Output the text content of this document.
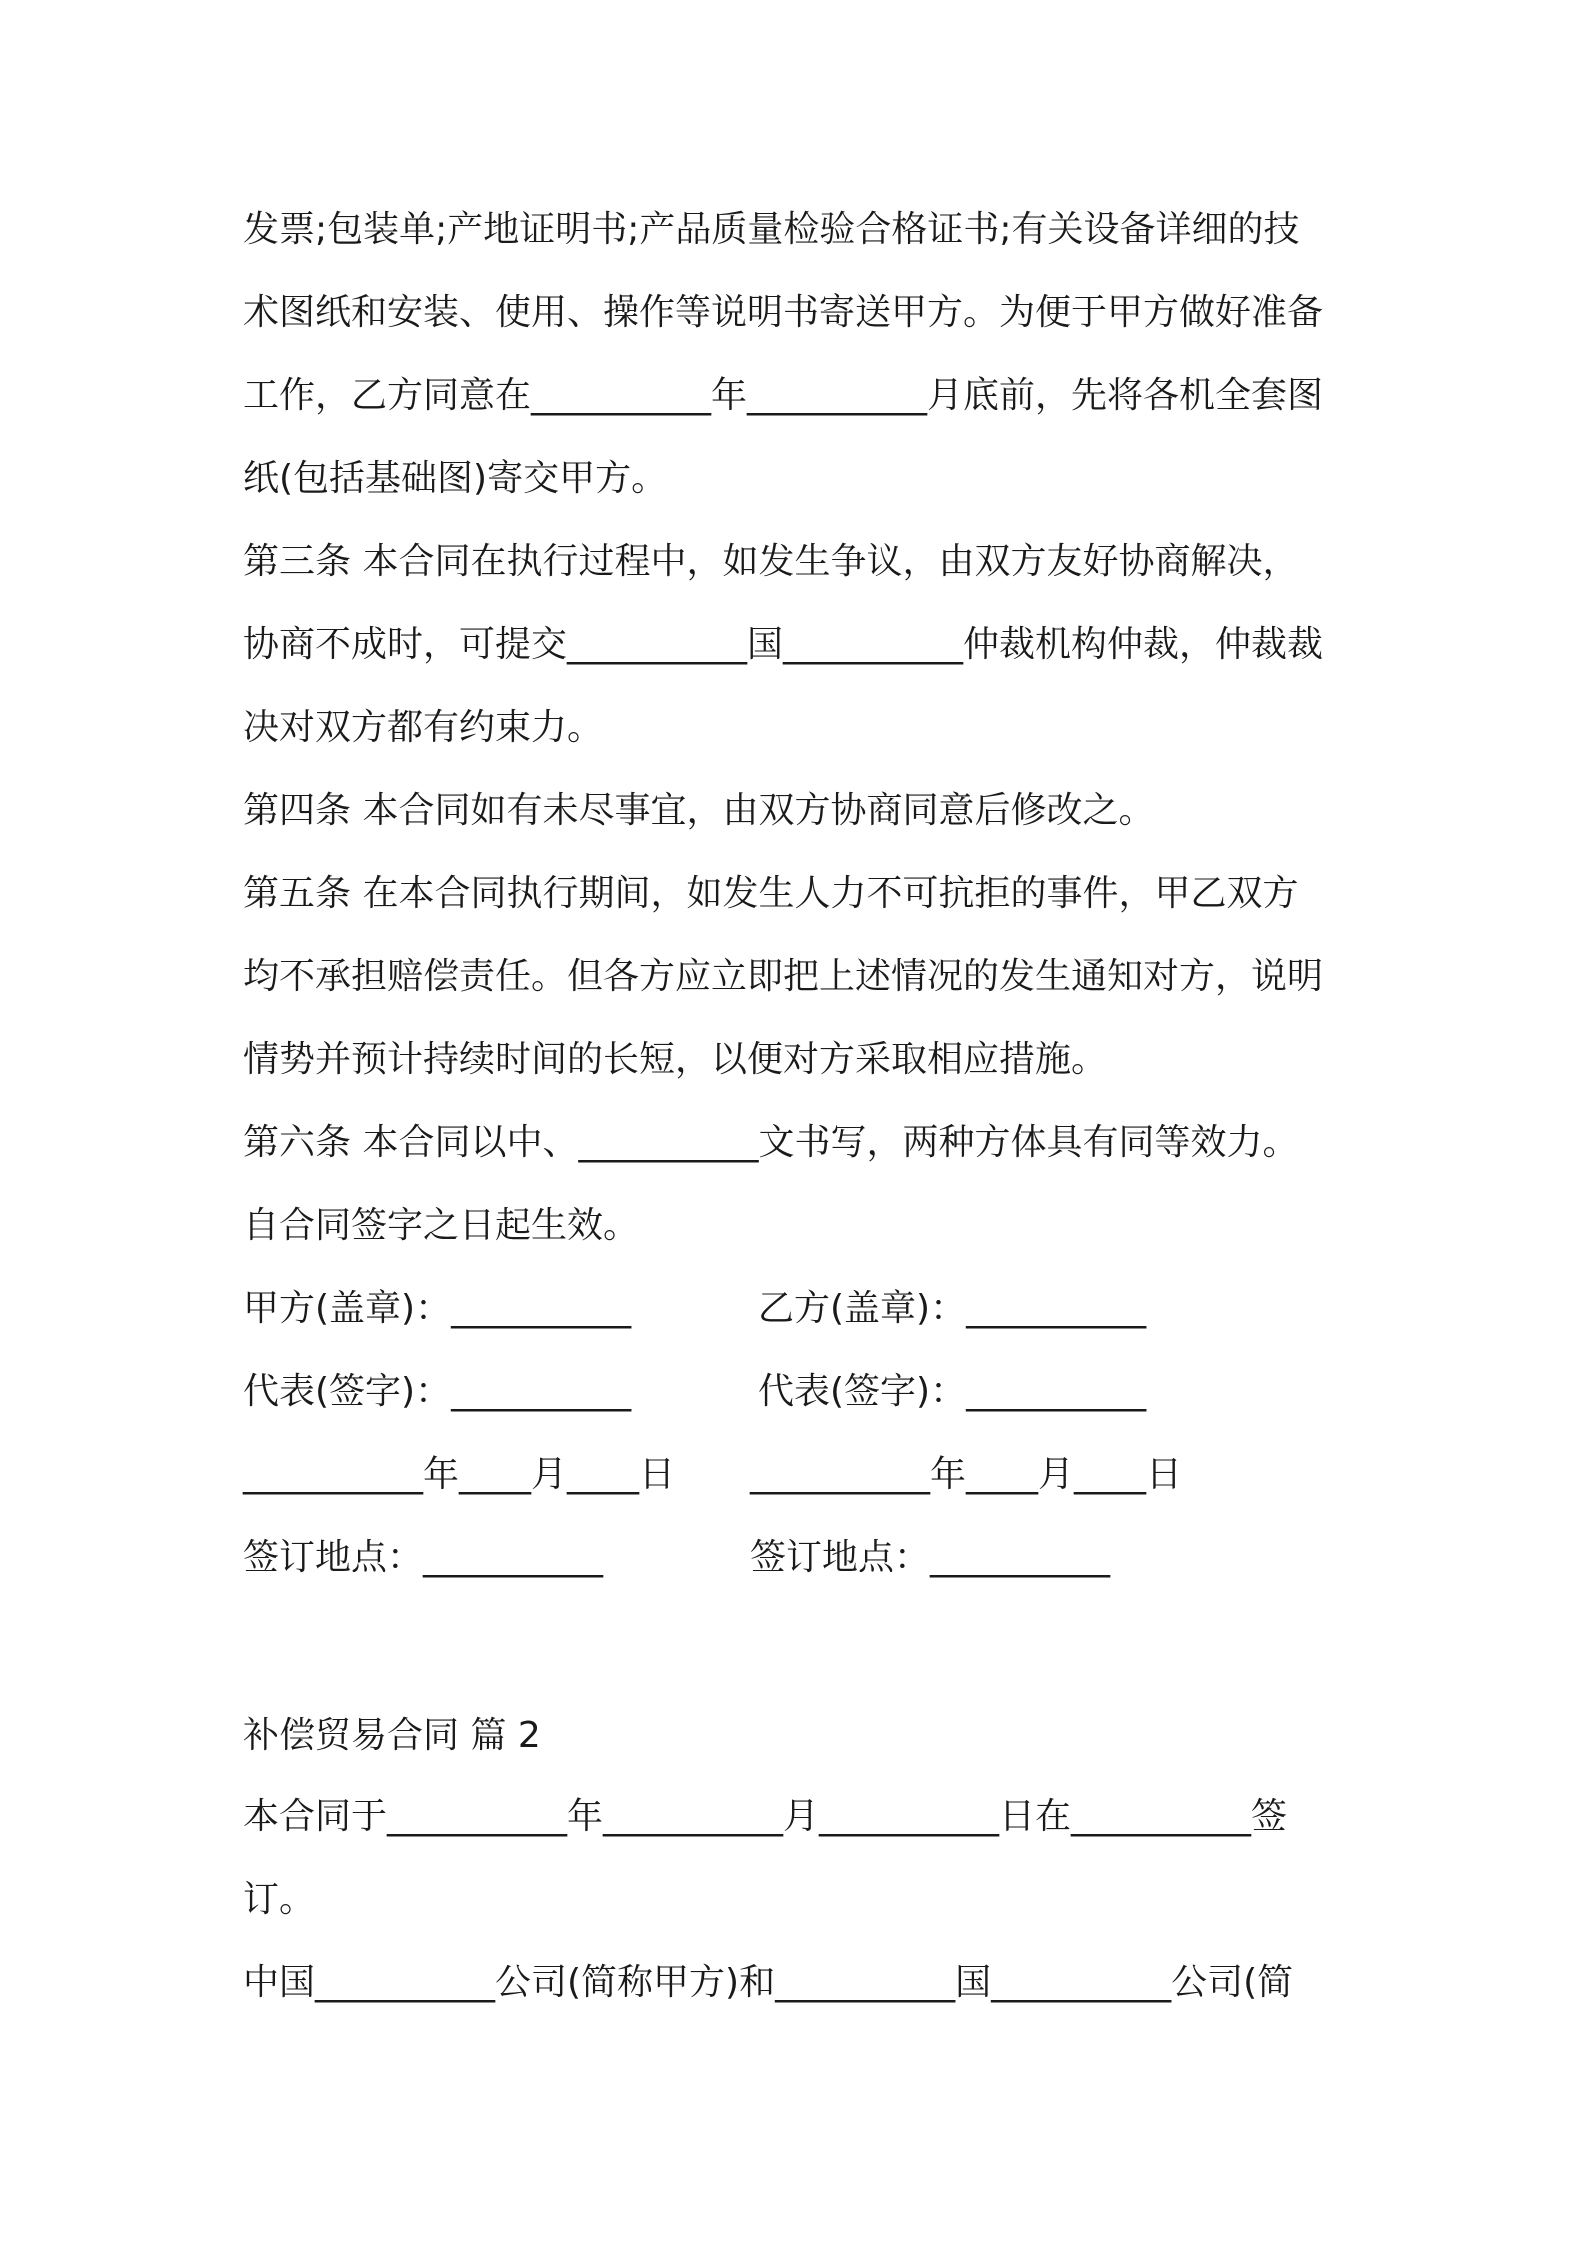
发票;包装单;产地证明书;产品质量检验合格证书;有关设备详细的技
术图纸和安装、使用、操作等说明书寄送甲方。为便于甲方做好准备
工作，乙方同意在__________年__________月底前，先将各机全套图
纸(包括基础图)寄交甲方。
第三条 本合同在执行过程中，如发生争议，由双方友好协商解决，
协商不成时，可提交__________国__________仲裁机构仲裁，仲裁裁
决对双方都有约束力。
第四条 本合同如有未尽事宜，由双方协商同意后修改之。
第五条 在本合同执行期间，如发生人力不可抗拒的事件，甲乙双方
均不承担赔偿责任。但各方应立即把上述情况的发生通知对方，说明
情势并预计持续时间的长短，以便对方采取相应措施。
第六条 本合同以中、__________文书写，两种方体具有同等效力。
自合同签字之日起生效。
甲方(盖章)：__________	乙方(盖章)：__________
代表(签字)：__________	代表(签字)：__________
__________年____月____日 __________年____月____日
签订地点：__________	签订地点：__________
补偿贸易合同 篇 2
本合同于__________年__________月__________日在__________签
订。
中国__________公司(简称甲方)和__________国__________公司(简
